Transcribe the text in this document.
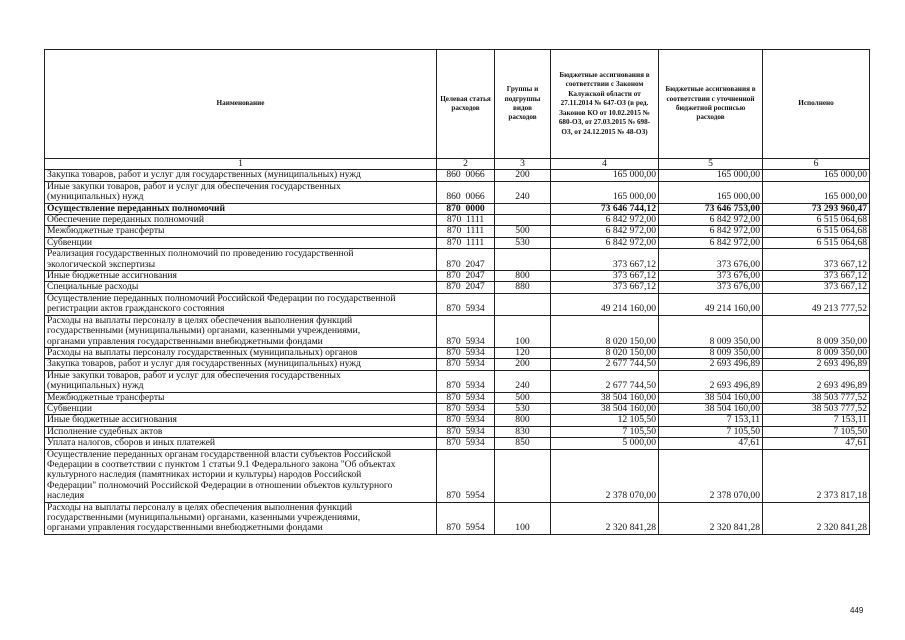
Наименование	Целевая статья расходов	Группы и подгруппы видов расходов	Бюджетные ассигнования в соответствии с Законом Калужской области от 27.11.2014 № 647-ОЗ (в ред. Законов КО от 10.02.2015 № 680-ОЗ, от 27.03.2015 № 698-ОЗ, от 24.12.2015 № 48-ОЗ)	Бюджетные ассигнования в соответствии с уточненной бюджетной росписью расходов	Исполнено
1	2	3	4	5	6
Закупка товаров, работ и услуг для государственных (муниципальных) нужд	860  0066	200	165 000,00	165 000,00	165 000,00
Иные закупки товаров, работ и услуг для обеспечения государственных
(муниципальных) нужд	860  0066	240	165 000,00	165 000,00	165 000,00
Осуществление переданных полномочий	870  0000		73 646 744,12	73 646 753,00	73 293 960,47
Обеспечение переданных полномочий	870  1111		6 842 972,00	6 842 972,00	6 515 064,68
Межбюджетные трансферты	870  1111	500	6 842 972,00	6 842 972,00	6 515 064,68
Субвенции	870  1111	530	6 842 972,00	6 842 972,00	6 515 064,68
Реализация государственных полномочий по проведению государственной
экологической экспертизы	870  2047		373 667,12	373 676,00	373 667,12
Иные бюджетные ассигнования	870  2047	800	373 667,12	373 676,00	373 667,12
Специальные расходы	870  2047	880	373 667,12	373 676,00	373 667,12
Осуществление переданных полномочий Российской Федерации по государственной
регистрации актов гражданского состояния	870  5934		49 214 160,00	49 214 160,00	49 213 777,52
Расходы на выплаты персоналу в целях обеспечения выполнения функций
государственными (муниципальными) органами, казенными учреждениями,
органами управления государственными внебюджетными фондами	870  5934	100	8 020 150,00	8 009 350,00	8 009 350,00
Расходы на выплаты персоналу государственных (муниципальных) органов	870  5934	120	8 020 150,00	8 009 350,00	8 009 350,00
Закупка товаров, работ и услуг для государственных (муниципальных) нужд	870  5934	200	2 677 744,50	2 693 496,89	2 693 496,89
Иные закупки товаров, работ и услуг для обеспечения государственных
(муниципальных) нужд	870  5934	240	2 677 744,50	2 693 496,89	2 693 496,89
Межбюджетные трансферты	870  5934	500	38 504 160,00	38 504 160,00	38 503 777,52
Субвенции	870  5934	530	38 504 160,00	38 504 160,00	38 503 777,52
Иные бюджетные ассигнования	870  5934	800	12 105,50	7 153,11	7 153,11
Исполнение судебных актов	870  5934	830	7 105,50	7 105,50	7 105,50
Уплата налогов, сборов и иных платежей	870  5934	850	5 000,00	47,61	47,61
Осуществление переданных органам государственной власти субъектов Российской
Федерации в соответствии с пунктом 1 статьи 9.1 Федерального закона "Об объектах
культурного наследия (памятниках истории и культуры) народов Российской
Федерации" полномочий Российской Федерации в отношении объектов культурного
наследия	870  5954		2 378 070,00	2 378 070,00	2 373 817,18
Расходы на выплаты персоналу в целях обеспечения выполнения функций
государственными (муниципальными) органами, казенными учреждениями,
органами управления государственными внебюджетными фондами	870  5954	100	2 320 841,28	2 320 841,28	2 320 841,28
449
